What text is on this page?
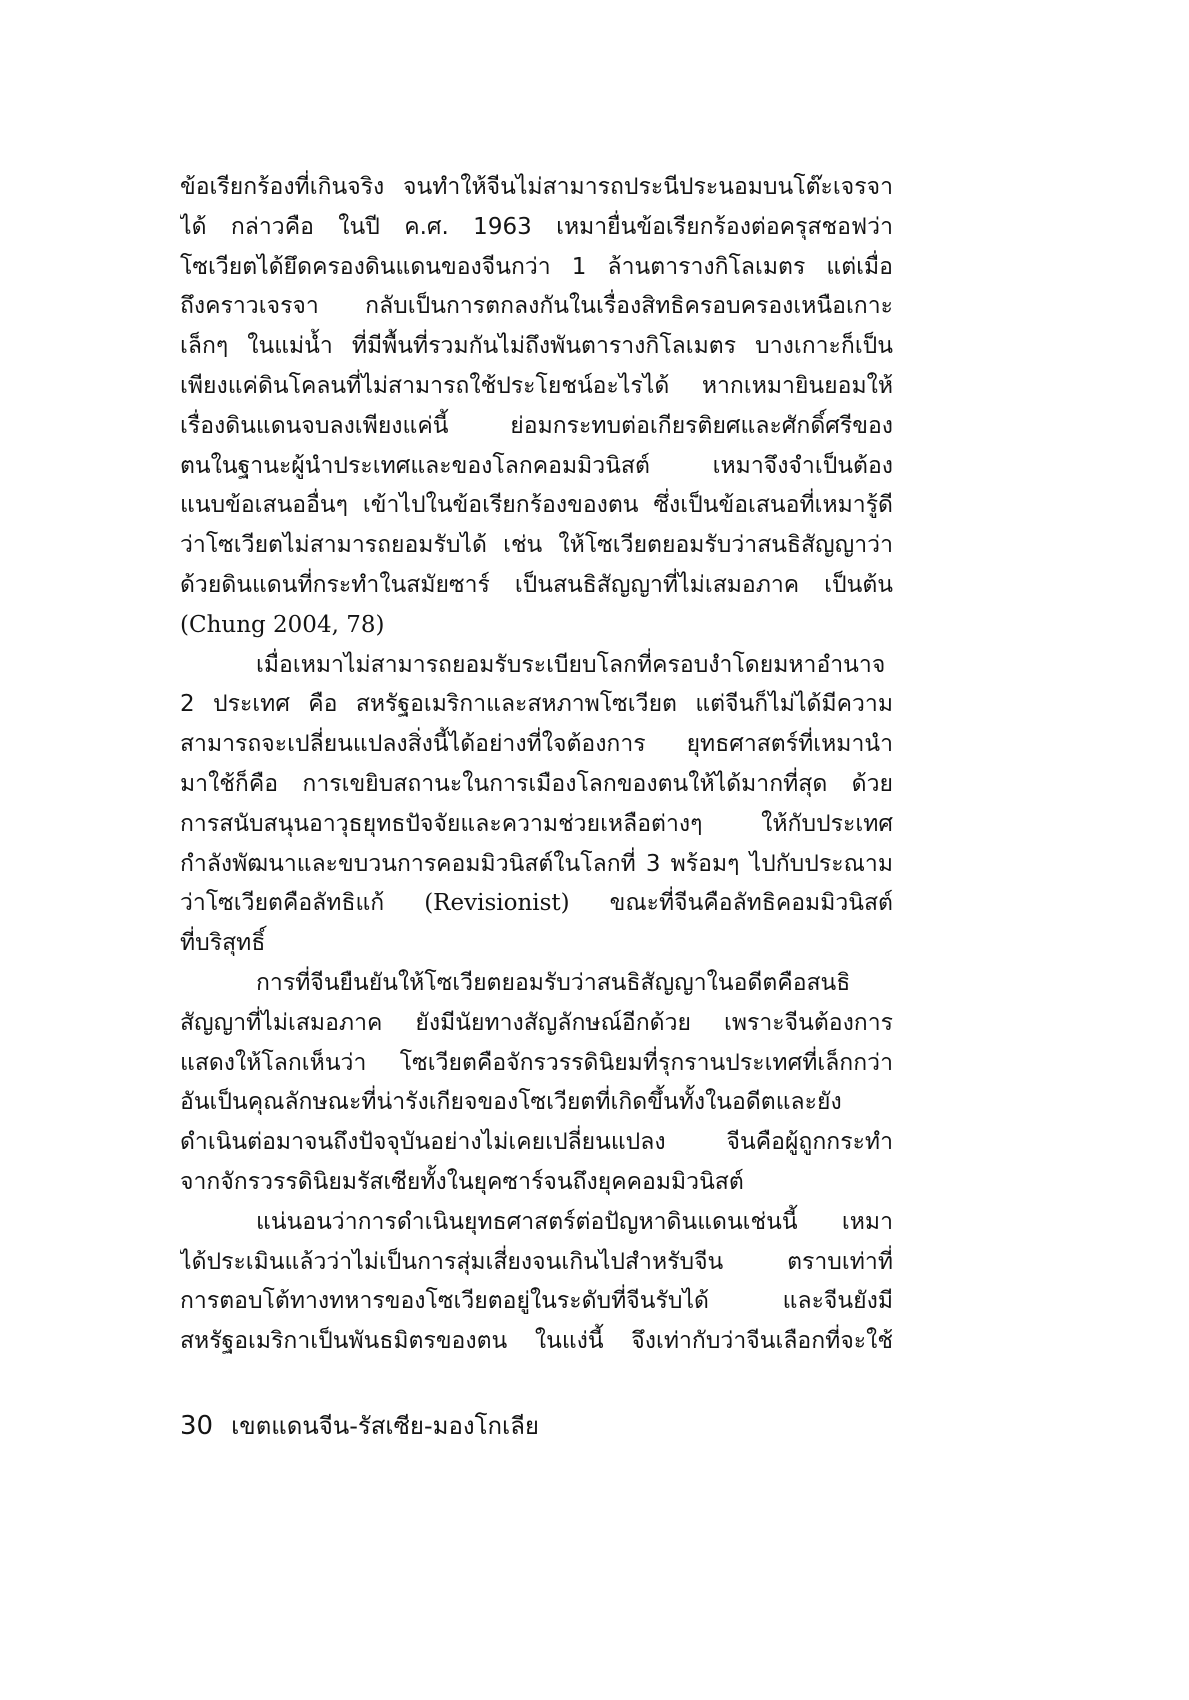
ข้อเรียกร้องที่เกินจริง จนทำให้จีนไม่สามารถประนีประนอมบนโต๊ะเจรจา
ได้ กล่าวคือ ในปี ค.ศ. 1963 เหมายื่นข้อเรียกร้องต่อครุสชอฟว่า
โซเวียตได้ยึดครองดินแดนของจีนกว่า 1 ล้านตารางกิโลเมตร แต่เมื่อ
ถึงคราวเจรจา กลับเป็นการตกลงกันในเรื่องสิทธิครอบครองเหนือเกาะ
เล็กๆ ในแม่น้ำ ที่มีพื้นที่รวมกันไม่ถึงพันตารางกิโลเมตร บางเกาะก็เป็น
เพียงแค่ดินโคลนที่ไม่สามารถใช้ประโยชน์อะไรได้ หากเหมายินยอมให้
เรื่องดินแดนจบลงเพียงแค่นี้ ย่อมกระทบต่อเกียรติยศและศักดิ์ศรีของ
ตนในฐานะผู้นำประเทศและของโลกคอมมิวนิสต์ เหมาจึงจำเป็นต้อง
แนบข้อเสนออื่นๆ เข้าไปในข้อเรียกร้องของตน ซึ่งเป็นข้อเสนอที่เหมารู้ดี
ว่าโซเวียตไม่สามารถยอมรับได้ เช่น ให้โซเวียตยอมรับว่าสนธิสัญญาว่า
ด้วยดินแดนที่กระทำในสมัยซาร์ เป็นสนธิสัญญาที่ไม่เสมอภาค เป็นต้น
(Chung 2004, 78)
เมื่อเหมาไม่สามารถยอมรับระเบียบโลกที่ครอบงำโดยมหาอำนาจ
2 ประเทศ คือ สหรัฐอเมริกาและสหภาพโซเวียต แต่จีนก็ไม่ได้มีความ
สามารถจะเปลี่ยนแปลงสิ่งนี้ได้อย่างที่ใจต้องการ ยุทธศาสตร์ที่เหมานำ
มาใช้ก็คือ การเขยิบสถานะในการเมืองโลกของตนให้ได้มากที่สุด ด้วย
การสนับสนุนอาวุธยุทธปัจจัยและความช่วยเหลือต่างๆ ให้กับประเทศ
กำลังพัฒนาและขบวนการคอมมิวนิสต์ในโลกที่ 3 พร้อมๆ ไปกับประณาม
ว่าโซเวียตคือลัทธิแก้ (Revisionist) ขณะที่จีนคือลัทธิคอมมิวนิสต์
ที่บริสุทธิ์
การที่จีนยืนยันให้โซเวียตยอมรับว่าสนธิสัญญาในอดีตคือสนธิ
สัญญาที่ไม่เสมอภาค ยังมีนัยทางสัญลักษณ์อีกด้วย เพราะจีนต้องการ
แสดงให้โลกเห็นว่า โซเวียตคือจักรวรรดินิยมที่รุกรานประเทศที่เล็กกว่า
อันเป็นคุณลักษณะที่น่ารังเกียจของโซเวียตที่เกิดขึ้นทั้งในอดีตและยัง
ดำเนินต่อมาจนถึงปัจจุบันอย่างไม่เคยเปลี่ยนแปลง จีนคือผู้ถูกกระทำ
จากจักรวรรดินิยมรัสเซียทั้งในยุคซาร์จนถึงยุคคอมมิวนิสต์
แน่นอนว่าการดำเนินยุทธศาสตร์ต่อปัญหาดินแดนเช่นนี้ เหมา
ได้ประเมินแล้วว่าไม่เป็นการสุ่มเสี่ยงจนเกินไปสำหรับจีน ตราบเท่าที่
การตอบโต้ทางทหารของโซเวียตอยู่ในระดับที่จีนรับได้ และจีนยังมี
สหรัฐอเมริกาเป็นพันธมิตรของตน ในแง่นี้ จึงเท่ากับว่าจีนเลือกที่จะใช้
30 เขตแดนจีน-รัสเซีย-มองโกเลีย
